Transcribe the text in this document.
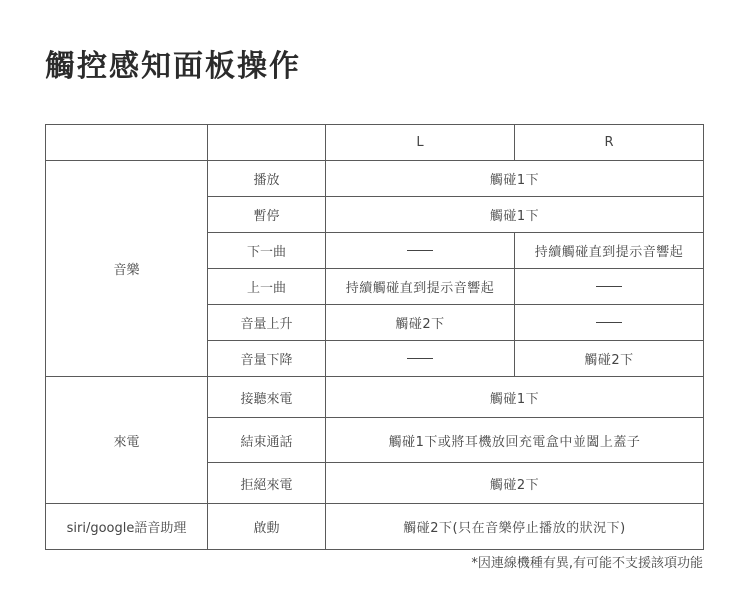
觸控感知面板操作
		L	R
音樂	播放	觸碰1下	
	暫停	觸碰1下	
	下一曲		持續觸碰直到提示音響起
	上一曲	持續觸碰直到提示音響起	
	音量上升	觸碰2下	
	音量下降		觸碰2下
來電	接聽來電	觸碰1下	
	結束通話	觸碰1下或將耳機放回充電盒中並闔上蓋子	
	拒絕來電	觸碰2下	
siri/google語音助理	啟動	觸碰2下(只在音樂停止播放的狀況下)	
*因連線機種有異,有可能不支援該項功能
